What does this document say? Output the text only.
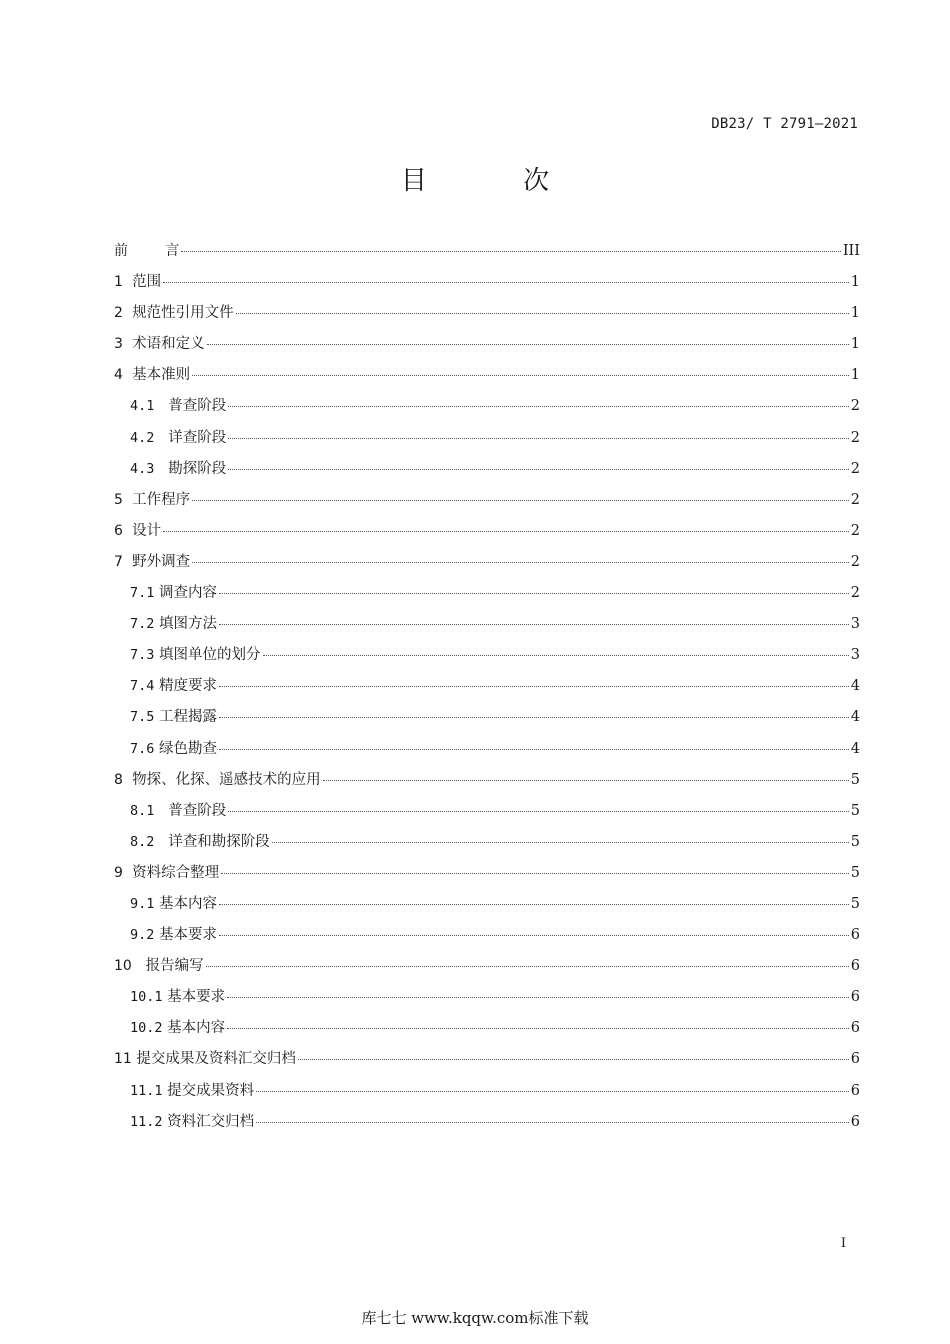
DB23/ T 2791—2021
目 次
前 言	III
1 范围	1
2 规范性引用文件	1
3 术语和定义	1
4 基本准则	1
4.1 普查阶段	2
4.2 详查阶段	2
4.3 勘探阶段	2
5 工作程序	2
6 设计	2
7 野外调查	2
7.1 调查内容	2
7.2 填图方法	3
7.3 填图单位的划分	3
7.4 精度要求	4
7.5 工程揭露	4
7.6 绿色勘查	4
8 物探、化探、遥感技术的应用	5
8.1 普查阶段	5
8.2 详查和勘探阶段	5
9 资料综合整理	5
9.1 基本内容	5
9.2 基本要求	6
10 报告编写	6
10.1 基本要求	6
10.2 基本内容	6
11 提交成果及资料汇交归档	6
11.1 提交成果资料	6
11.2 资料汇交归档	6
I
库七七 www.kqqw.com标准下载
